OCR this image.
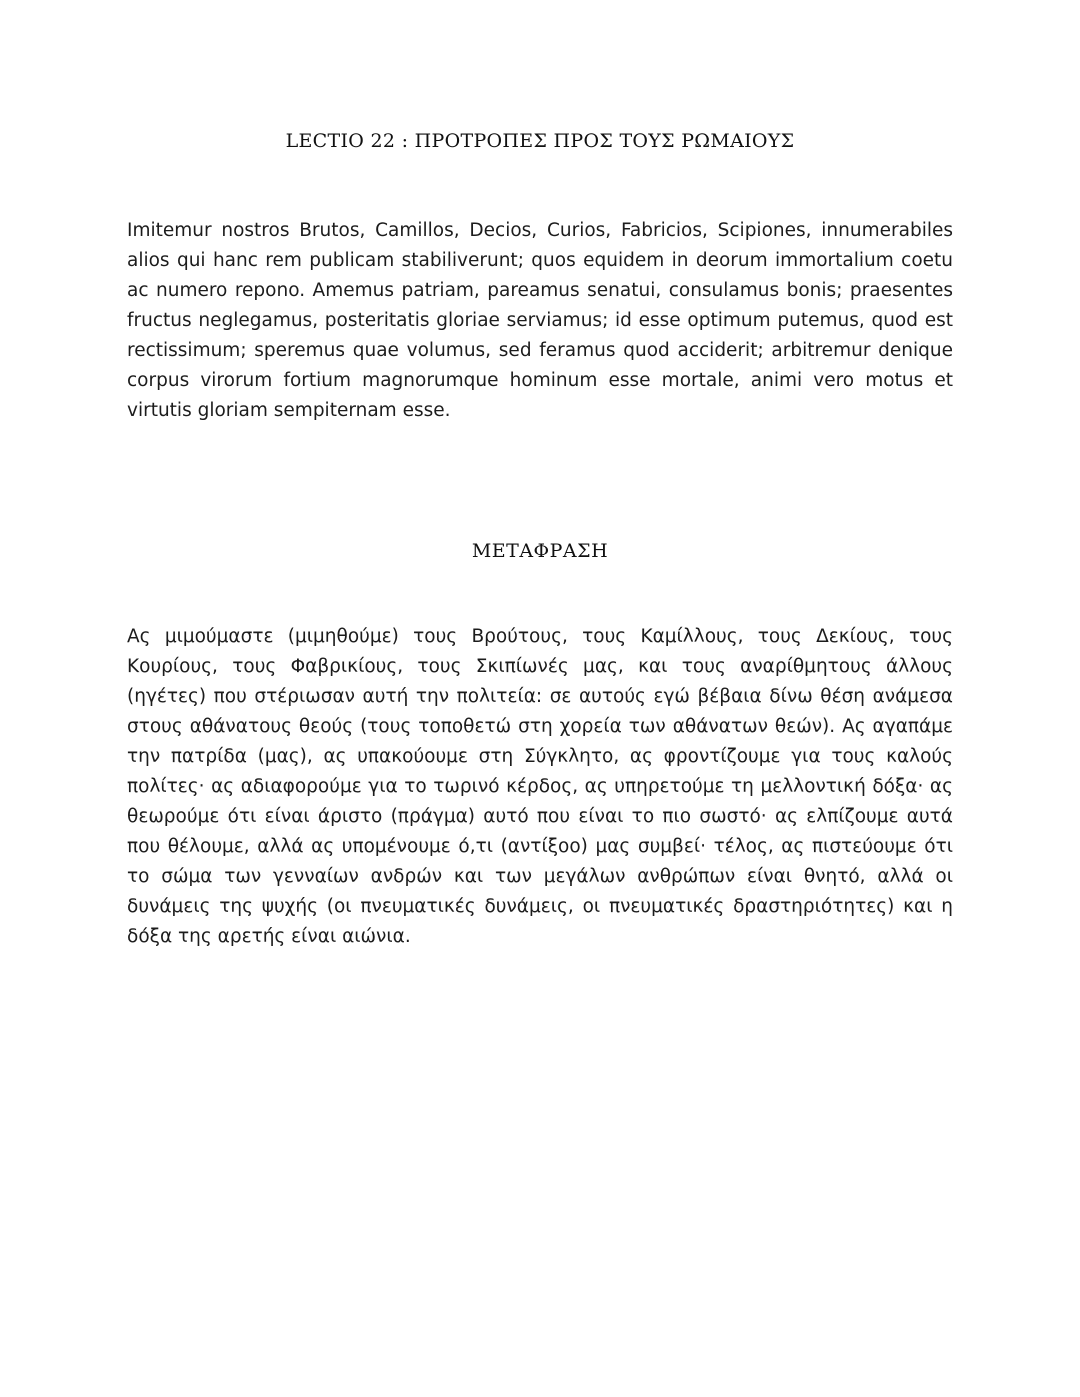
LECTIO 22 : ΠΡΟΤΡΟΠΕΣ ΠΡΟΣ ΤΟΥΣ ΡΩΜΑΙΟΥΣ

Imitemur nostros Brutos, Camillos, Decios, Curios, Fabricios, Scipiones, innumerabiles alios qui hanc rem publicam stabiliverunt; quos equidem in deorum immortalium coetu ac numero repono. Amemus patriam, pareamus senatui, consulamus bonis; praesentes fructus neglegamus, posteritatis gloriae serviamus; id esse optimum putemus, quod est rectissimum; speremus quae volumus, sed feramus quod acciderit; arbitremur denique corpus virorum fortium magnorumque hominum esse mortale, animi vero motus et virtutis gloriam sempiternam esse.

ΜΕΤΑΦΡΑΣΗ

Ας μιμούμαστε (μιμηθούμε) τους Βρούτους, τους Καμίλλους, τους Δεκίους, τους Κουρίους, τους Φαβρικίους, τους Σκιπίωνές μας, και τους αναρίθμητους άλλους (ηγέτες) που στέριωσαν αυτή την πολιτεία: σε αυτούς εγώ βέβαια δίνω θέση ανάμεσα στους αθάνατους θεούς (τους τοποθετώ στη χορεία των αθάνατων θεών). Ας αγαπάμε την πατρίδα (μας), ας υπακούουμε στη Σύγκλητο, ας φροντίζουμε για τους καλούς πολίτες· ας αδιαφορούμε για το τωρινό κέρδος, ας υπηρετούμε τη μελλοντική δόξα· ας θεωρούμε ότι είναι άριστο (πράγμα) αυτό που είναι το πιο σωστό· ας ελπίζουμε αυτά που θέλουμε, αλλά ας υπομένουμε ό,τι (αντίξοο) μας συμβεί· τέλος, ας πιστεύουμε ότι το σώμα των γενναίων ανδρών και των μεγάλων ανθρώπων είναι θνητό, αλλά οι δυνάμεις της ψυχής (οι πνευματικές δυνάμεις, οι πνευματικές δραστηριότητες) και η δόξα της αρετής είναι αιώνια.
